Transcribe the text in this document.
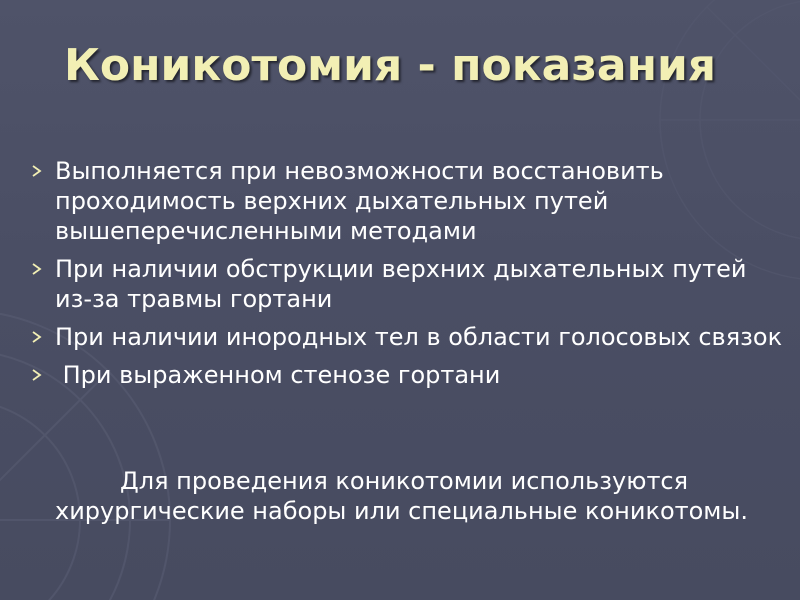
Коникотомия - показания
Выполняется при невозможности восстановить проходимость верхних дыхательных путей вышеперечисленными методами
При наличии обструкции верхних дыхательных путей из-за травмы гортани
При наличии инородных тел в области голосовых связок
При выраженном стенозе гортани

Для проведения коникотомии используются хирургические наборы или специальные коникотомы.
